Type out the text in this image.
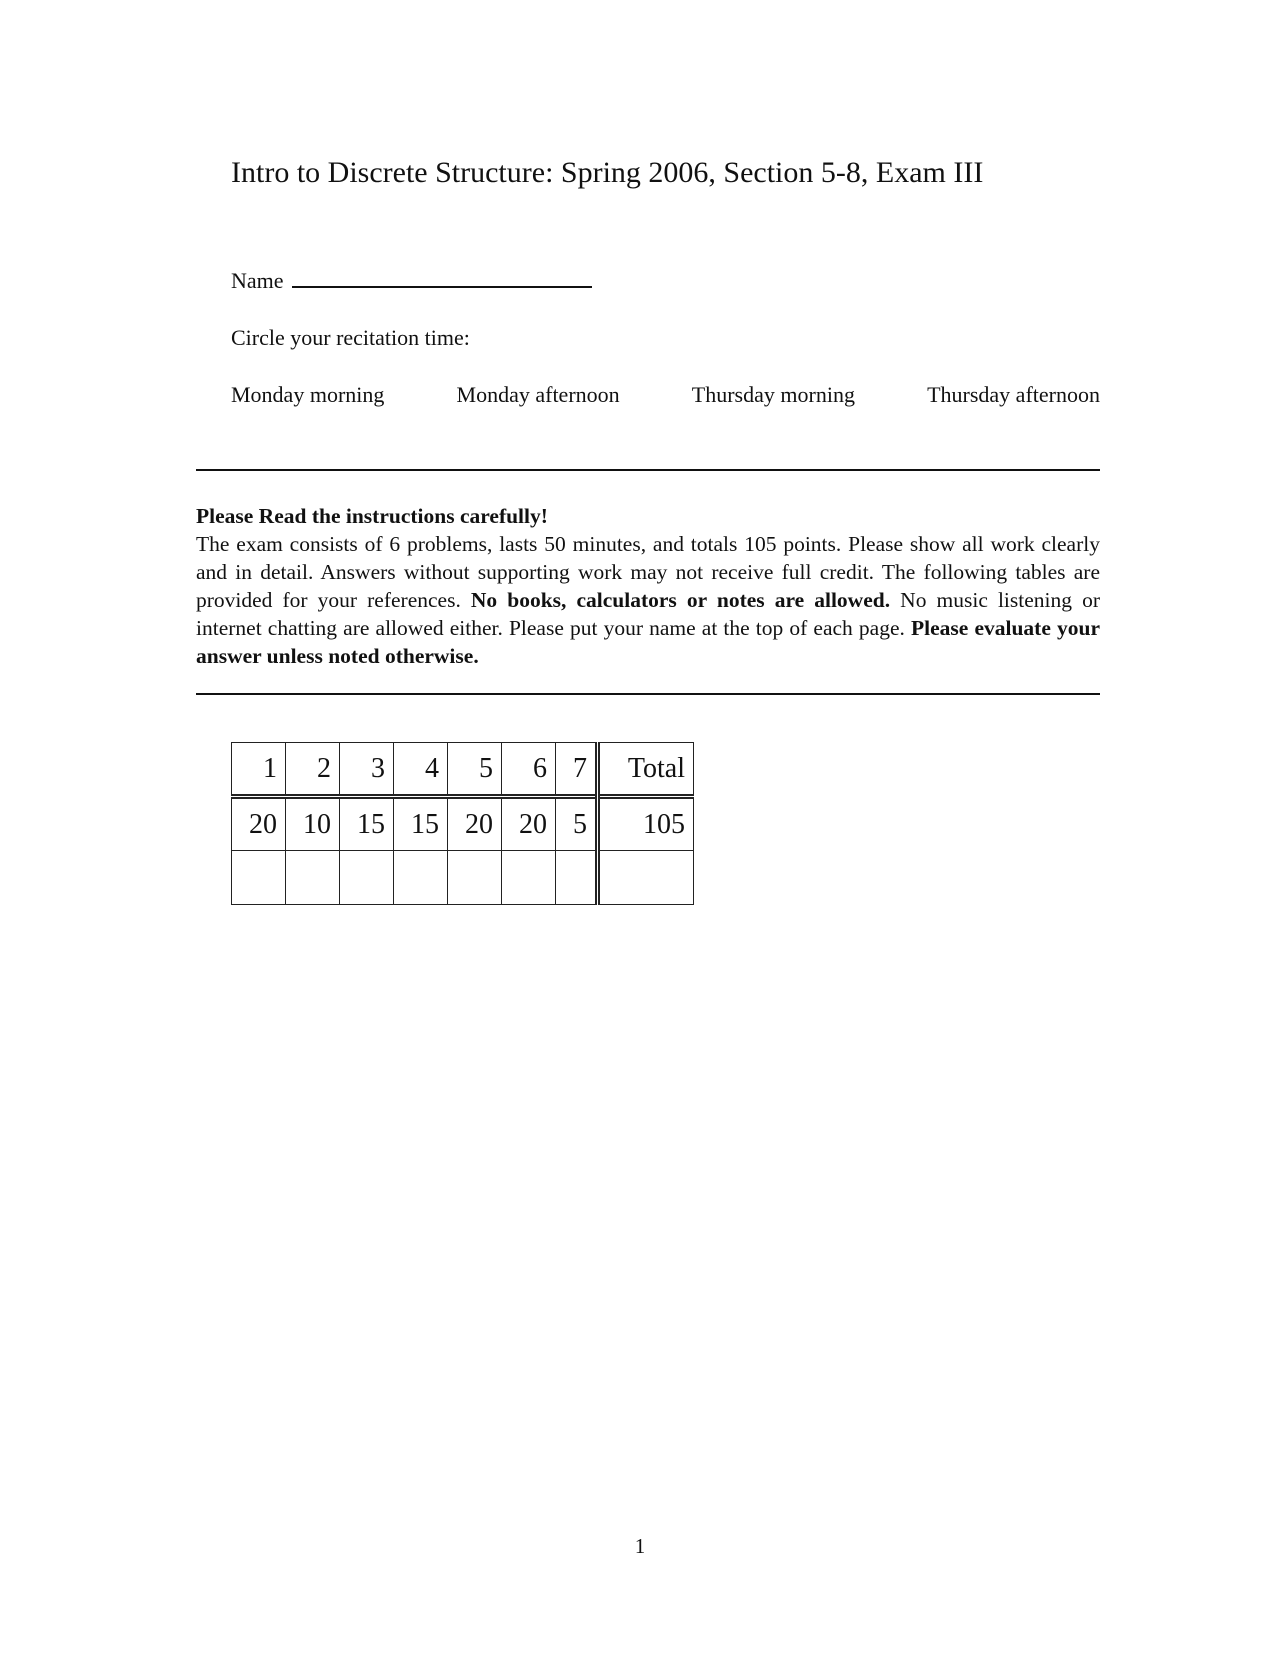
Intro to Discrete Structure: Spring 2006, Section 5-8, Exam III
Name
Circle your recitation time:
Monday morning	Monday afternoon	Thursday morning	Thursday afternoon
Please Read the instructions carefully!
The exam consists of 6 problems, lasts 50 minutes, and totals 105 points. Please show all work clearly and in detail. Answers without supporting work may not receive full credit. The following tables are provided for your references. No books, calculators or notes are allowed. No music listening or internet chatting are allowed either. Please put your name at the top of each page. Please evaluate your answer unless noted otherwise.
1	2	3	4	5	6	7	Total
20	10	15	15	20	20	5	105

1
